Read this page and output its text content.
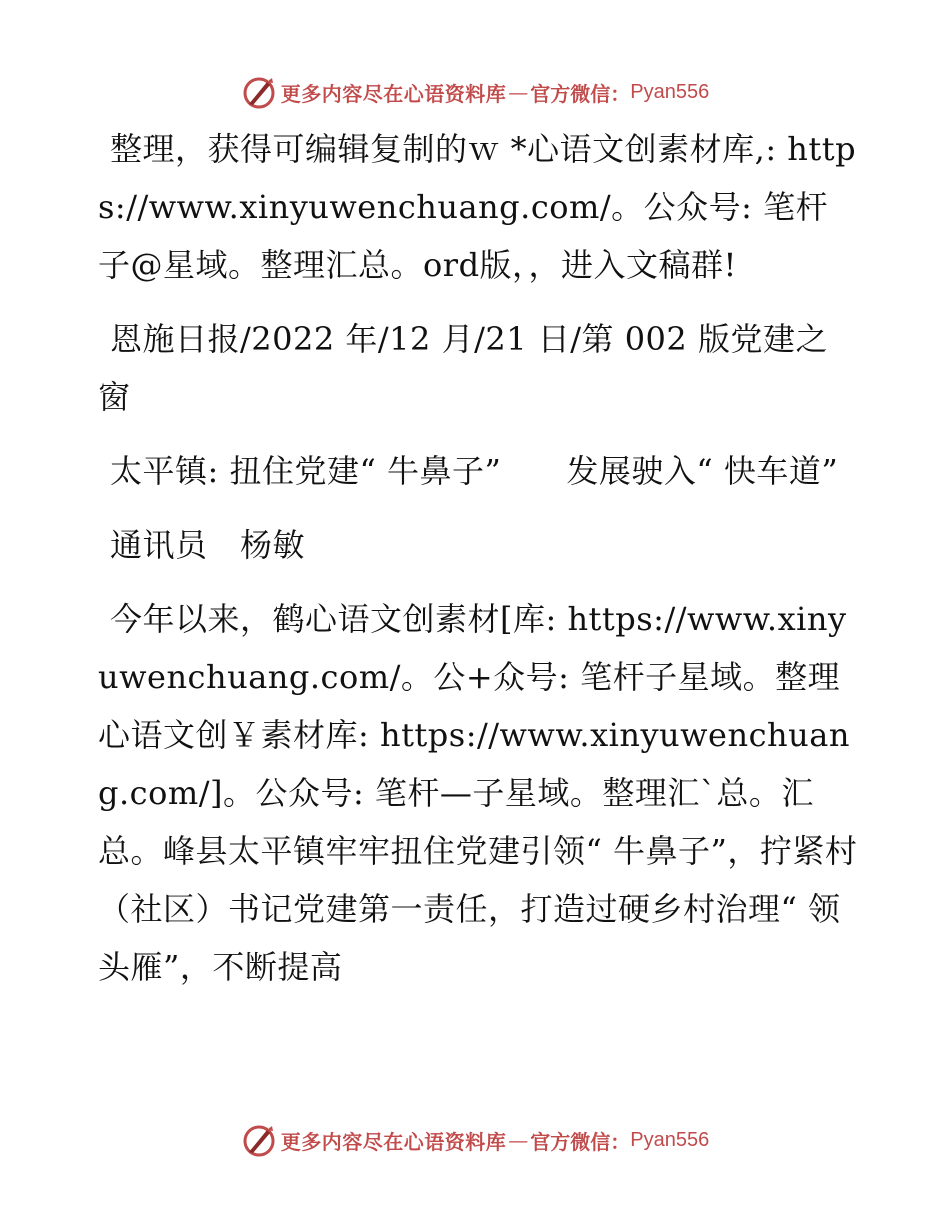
更多内容尽在心语资料库 — 官方微信： Pyan556

整理，获得可编辑复制的ｗ *心语文创素材库,: https://www.xinyuwenchuang.com/。公众号: 笔杆子@星域。整理汇总。ord版，，进入文稿群!

恩施日报/2022 年/12 月/21 日/第 002 版党建之窗

太平镇: 扭住党建“ 牛鼻子”　　发展驶入“ 快车道”

通讯员　杨敏

今年以来，鹤心语文创素材[库: https://www.xinyuwenchuang.com/。公+众号: 笔杆子星域。整理心语文创￥素材库: https://www.xinyuwenchuang.com/]。公众号: 笔杆—子星域。整理汇`总。汇总。峰县太平镇牢牢扭住党建引领“ 牛鼻子”，拧紧村（社区）书记党建第一责任，打造过硬乡村治理“ 领头雁”，不断提高

更多内容尽在心语资料库 — 官方微信： Pyan556
